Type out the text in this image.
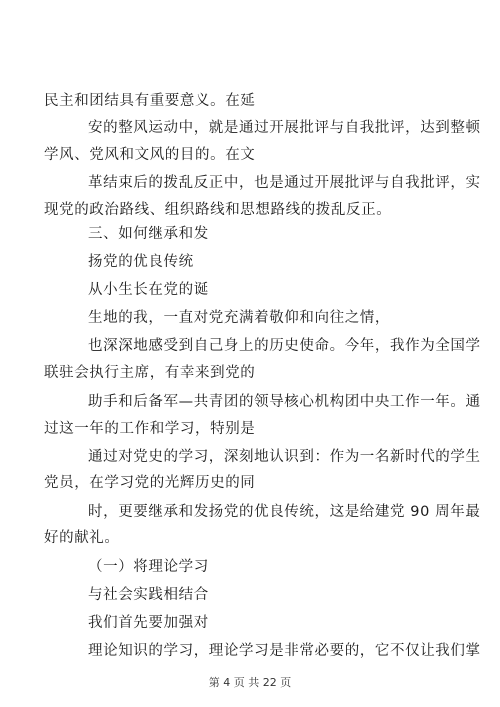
民主和团结具有重要意义。在延
安的整风运动中，就是通过开展批评与自我批评，达到整顿
学风、党风和文风的目的。在文
革结束后的拨乱反正中，也是通过开展批评与自我批评，实
现党的政治路线、组织路线和思想路线的拨乱反正。
三、如何继承和发
扬党的优良传统
从小生长在党的诞
生地的我，一直对党充满着敬仰和向往之情，
也深深地感受到自己身上的历史使命。今年，我作为全国学
联驻会执行主席，有幸来到党的
助手和后备军—共青团的领导核心机构团中央工作一年。通
过这一年的工作和学习，特别是
通过对党史的学习，深刻地认识到：作为一名新时代的学生
党员，在学习党的光辉历史的同
时，更要继承和发扬党的优良传统，这是给建党 90 周年最
好的献礼。
（一）将理论学习
与社会实践相结合
我们首先要加强对
理论知识的学习，理论学习是非常必要的，它不仅让我们掌
第 4 页 共 22 页
